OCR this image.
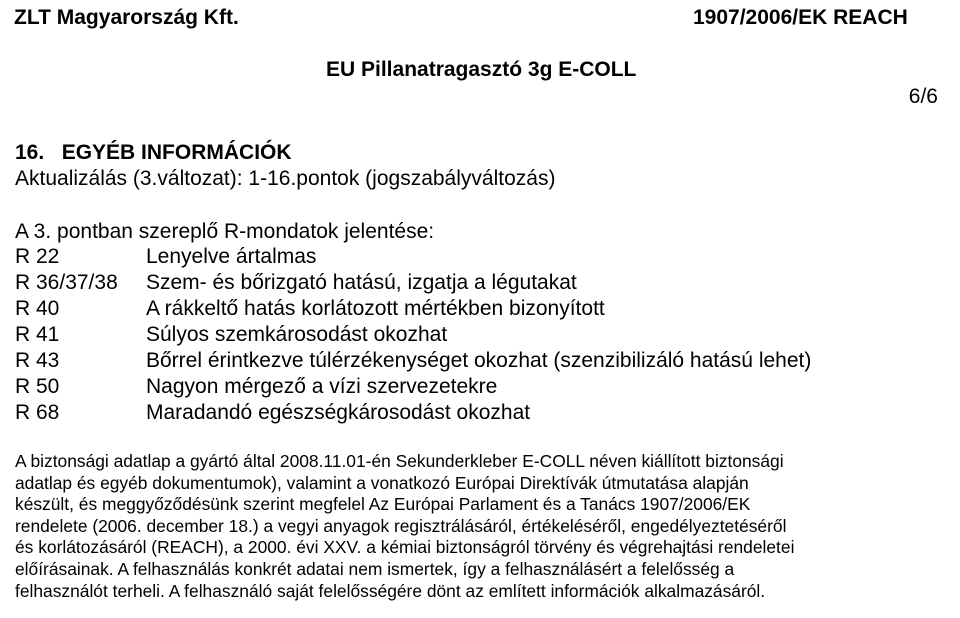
ZLT Magyarország Kft.	1907/2006/EK REACH
EU Pillanatragasztó 3g E-COLL
6/6
16.   EGYÉB INFORMÁCIÓK
Aktualizálás (3.változat): 1-16.pontok (jogszabályváltozás)
A 3. pontban szereplő R-mondatok jelentése:
R 22	Lenyelve ártalmas
R 36/37/38	Szem- és bőrizgató hatású, izgatja a légutakat
R 40	A rákkeltő hatás korlátozott mértékben bizonyított
R 41	Súlyos szemkárosodást okozhat
R 43	Bőrrel érintkezve túlérzékenységet okozhat (szenzibilizáló hatású lehet)
R 50	Nagyon mérgező a vízi szervezetekre
R 68	Maradandó egészségkárosodást okozhat

A biztonsági adatlap a gyártó által 2008.11.01-én Sekunderkleber E-COLL néven kiállított biztonsági
adatlap és egyéb dokumentumok), valamint a vonatkozó Európai Direktívák útmutatása alapján
készült, és meggyőződésünk szerint megfelel Az Európai Parlament és a Tanács 1907/2006/EK
rendelete (2006. december 18.) a vegyi anyagok regisztrálásáról, értékeléséről, engedélyeztetéséről
és korlátozásáról (REACH), a 2000. évi XXV. a kémiai biztonságról törvény és végrehajtási rendeletei
előírásainak. A felhasználás konkrét adatai nem ismertek, így a felhasználásért a felelősség a
felhasználót terheli. A felhasználó saját felelősségére dönt az említett információk alkalmazásáról.
